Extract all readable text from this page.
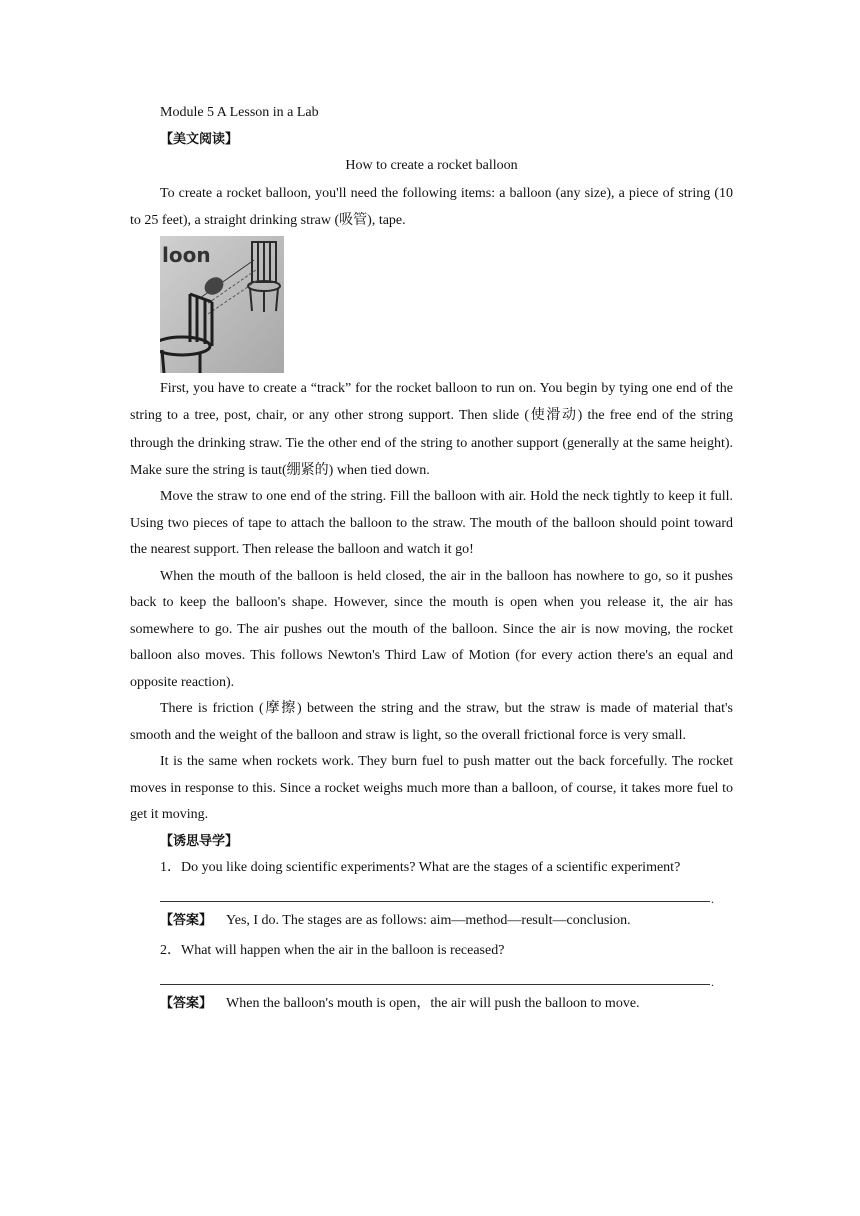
Module 5 A Lesson in a Lab
【美文阅读】
How to create a rocket balloon

To create a rocket balloon, you'll need the following items: a balloon (any size), a piece of string (10 to 25 feet), a straight drinking straw (吸管), tape.

loon

First, you have to create a “track” for the rocket balloon to run on. You begin by tying one end of the string to a tree, post, chair, or any other strong support. Then slide (使滑动) the free end of the string through the drinking straw. Tie the other end of the string to another support (generally at the same height). Make sure the string is taut(绷紧的) when tied down.

Move the straw to one end of the string. Fill the balloon with air. Hold the neck tightly to keep it full. Using two pieces of tape to attach the balloon to the straw. The mouth of the balloon should point toward the nearest support. Then release the balloon and watch it go!

When the mouth of the balloon is held closed, the air in the balloon has nowhere to go, so it pushes back to keep the balloon's shape. However, since the mouth is open when you release it, the air has somewhere to go. The air pushes out the mouth of the balloon. Since the air is now moving, the rocket balloon also moves. This follows Newton's Third Law of Motion (for every action there's an equal and opposite reaction).

There is friction (摩擦) between the string and the straw, but the straw is made of material that's smooth and the weight of the balloon and straw is light, so the overall frictional force is very small.

It is the same when rockets work. They burn fuel to push matter out the back forcefully. The rocket moves in response to this. Since a rocket weighs much more than a balloon, of course, it takes more fuel to get it moving.

【诱思导学】
1．Do you like doing scientific experiments? What are the stages of a scientific experiment?
.
【答案】 Yes, I do. The stages are as follows: aim—method—result—conclusion.
2．What will happen when the air in the balloon is receased?
.
【答案】 When the balloon's mouth is open，the air will push the balloon to move.
